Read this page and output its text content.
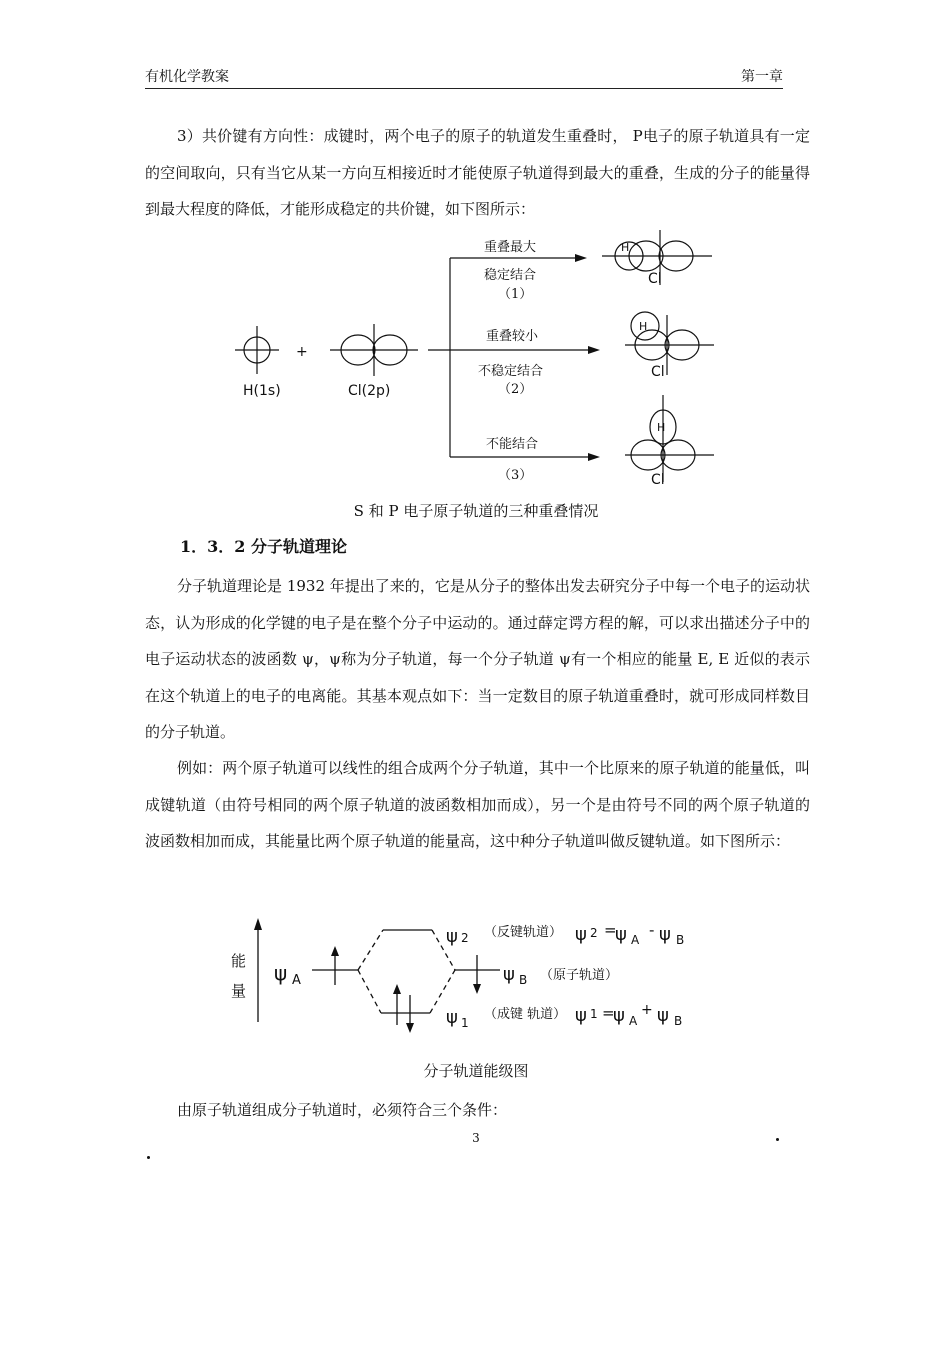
有机化学教案	第一章

3）共价键有方向性：成键时，两个电子的原子的轨道发生重叠时， P电子的原子轨道具有一定的空间取向，只有当它从某一方向互相接近时才能使原子轨道得到最大的重叠，生成的分子的能量得到最大程度的降低，才能形成稳定的共价键，如下图所示：

H(1s)
+
Cl(2p)
重叠最大
稳定结合
（1）
重叠较小
不稳定结合
（2）
不能结合
（3）
H
Cl
H
Cl
H
Cl
S 和 P 电子原子轨道的三种重叠情况
1．3．2 分子轨道理论

分子轨道理论是 1932 年提出了来的，它是从分子的整体出发去研究分子中每一个电子的运动状态，认为形成的化学键的电子是在整个分子中运动的。通过薛定谔方程的解，可以求出描述分子中的电子运动状态的波函数 ψ，ψ称为分子轨道，每一个分子轨道 ψ有一个相应的能量 E, E 近似的表示在这个轨道上的电子的电离能。其基本观点如下：当一定数目的原子轨道重叠时，就可形成同样数目的分子轨道。

例如：两个原子轨道可以线性的组合成两个分子轨道，其中一个比原来的原子轨道的能量低，叫成键轨道（由符号相同的两个原子轨道的波函数相加而成），另一个是由符号不同的两个原子轨道的波函数相加而成，其能量比两个原子轨道的能量高，这中种分子轨道叫做反键轨道。如下图所示：

能
量
ψ A
ψ 2 （反键轨道） ψ 2 =
ψ A
- ψ B
ψ B （原子轨道）
ψ 1
（成键 轨道） ψ 1 =
ψ A
+ ψ B
分子轨道能级图

由原子轨道组成分子轨道时，必须符合三个条件：

3
